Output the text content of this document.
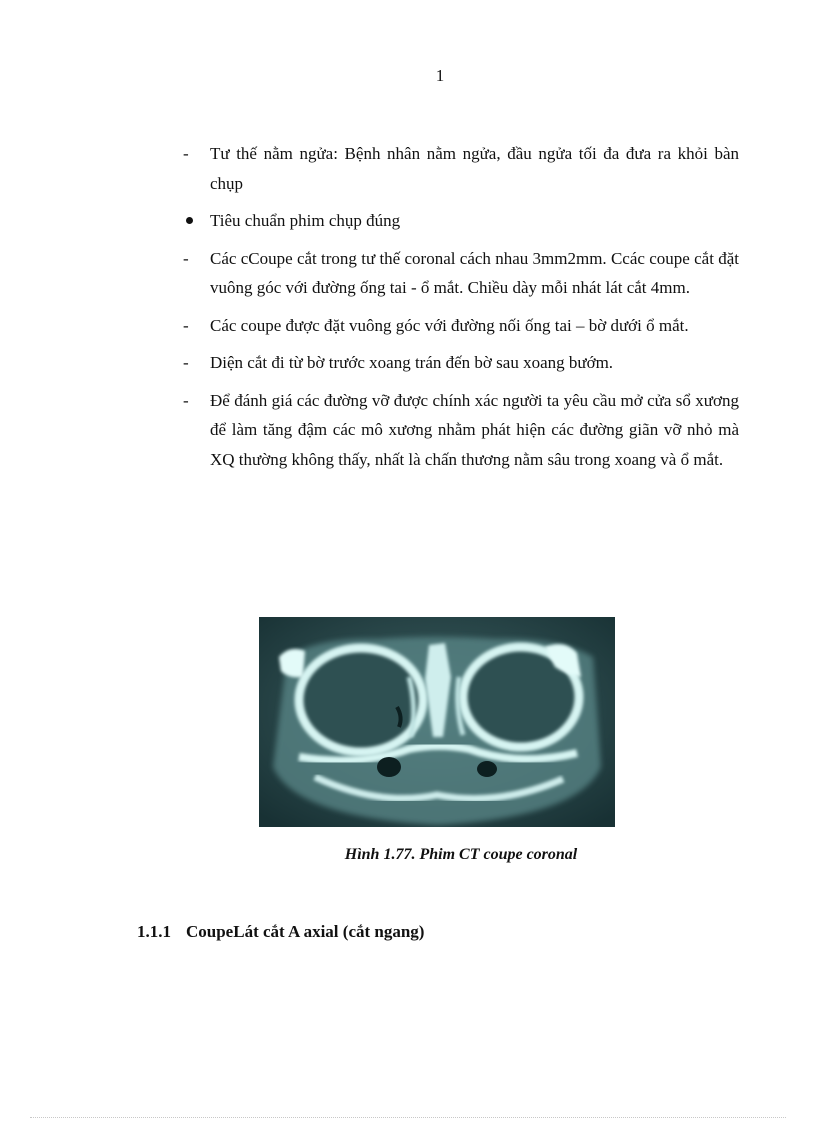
1
-	Tư thế nằm ngửa: Bệnh nhân nằm ngửa, đầu ngửa tối đa đưa ra khỏi bàn chụp
Tiêu chuẩn phim chụp đúng
-	Các cCoupe cắt trong tư thế coronal cách nhau 3mm2mm. Ccác coupe cắt đặt vuông góc với đường ống tai - ổ mắt. Chiều dày mỗi nhát lát cắt 4mm.
-	Các coupe được đặt vuông góc với đường nối ống tai – bờ dưới ổ mắt.
-	Diện cắt đi từ bờ trước xoang trán đến bờ sau xoang bướm.
-	Để đánh giá các đường vỡ được chính xác người ta yêu cầu mở cửa sổ xương để làm tăng đậm các mô xương nhằm phát hiện các đường giãn vỡ nhỏ mà XQ thường không thấy, nhất là chấn thương nằm sâu trong xoang và ổ mắt.
Hình 1.77. Phim CT coupe coronal
1.1.1 CoupeLát cắt A axial (cắt ngang)
